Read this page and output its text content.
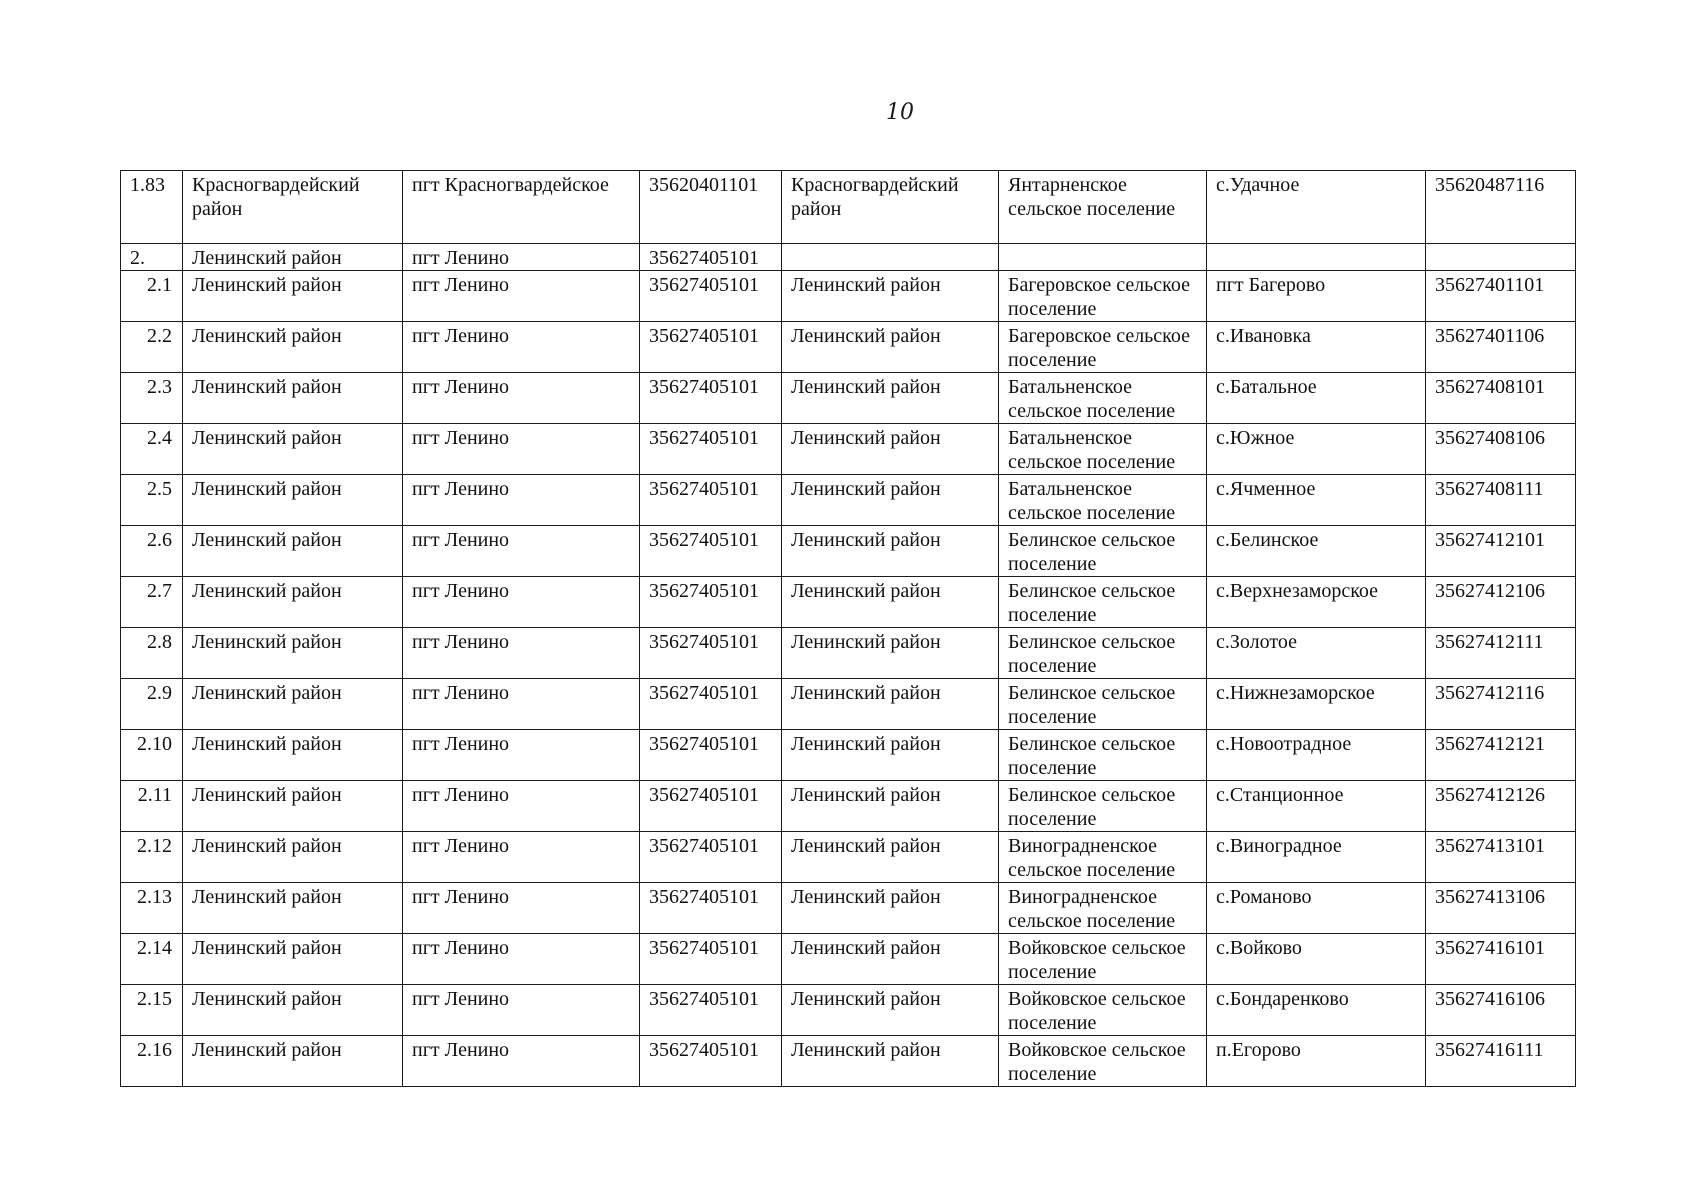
10
1.83	Красногвардейский район	пгт Красногвардейское	35620401101	Красногвардейский район	Янтарненское сельское поселение	с.Удачное	35620487116
2.	Ленинский район	пгт Ленино	35627405101				
2.1	Ленинский район	пгт Ленино	35627405101	Ленинский район	Багеровское сельское поселение	пгт Багерово	35627401101
2.2	Ленинский район	пгт Ленино	35627405101	Ленинский район	Багеровское сельское поселение	с.Ивановка	35627401106
2.3	Ленинский район	пгт Ленино	35627405101	Ленинский район	Батальненское сельское поселение	с.Батальное	35627408101
2.4	Ленинский район	пгт Ленино	35627405101	Ленинский район	Батальненское сельское поселение	с.Южное	35627408106
2.5	Ленинский район	пгт Ленино	35627405101	Ленинский район	Батальненское сельское поселение	с.Ячменное	35627408111
2.6	Ленинский район	пгт Ленино	35627405101	Ленинский район	Белинское сельское поселение	с.Белинское	35627412101
2.7	Ленинский район	пгт Ленино	35627405101	Ленинский район	Белинское сельское поселение	с.Верхнезаморское	35627412106
2.8	Ленинский район	пгт Ленино	35627405101	Ленинский район	Белинское сельское поселение	с.Золотое	35627412111
2.9	Ленинский район	пгт Ленино	35627405101	Ленинский район	Белинское сельское поселение	с.Нижнезаморское	35627412116
2.10	Ленинский район	пгт Ленино	35627405101	Ленинский район	Белинское сельское поселение	с.Новоотрадное	35627412121
2.11	Ленинский район	пгт Ленино	35627405101	Ленинский район	Белинское сельское поселение	с.Станционное	35627412126
2.12	Ленинский район	пгт Ленино	35627405101	Ленинский район	Виноградненское сельское поселение	с.Виноградное	35627413101
2.13	Ленинский район	пгт Ленино	35627405101	Ленинский район	Виноградненское сельское поселение	с.Романово	35627413106
2.14	Ленинский район	пгт Ленино	35627405101	Ленинский район	Войковское сельское поселение	с.Войково	35627416101
2.15	Ленинский район	пгт Ленино	35627405101	Ленинский район	Войковское сельское поселение	с.Бондаренково	35627416106
2.16	Ленинский район	пгт Ленино	35627405101	Ленинский район	Войковское сельское поселение	п.Егорово	35627416111
